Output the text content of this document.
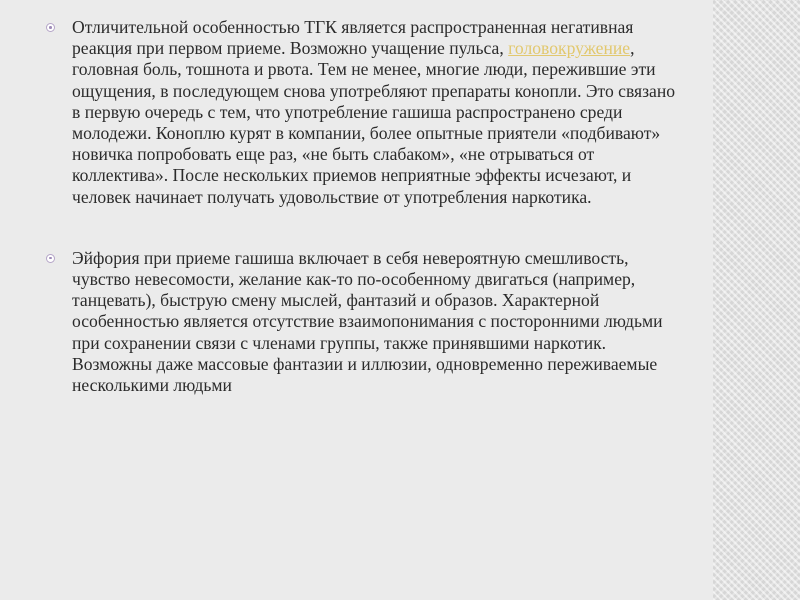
Отличительной особенностью ТГК является распространенная негативная реакция при первом приеме. Возможно учащение пульса, головокружение, головная боль, тошнота и рвота. Тем не менее, многие люди, пережившие эти ощущения, в последующем снова употребляют препараты конопли. Это связано в первую очередь с тем, что употребление гашиша распространено среди молодежи. Коноплю курят в компании, более опытные приятели «подбивают» новичка попробовать еще раз, «не быть слабаком», «не отрываться от коллектива». После нескольких приемов неприятные эффекты исчезают, и человек начинает получать удовольствие от употребления наркотика.
Эйфория при приеме гашиша включает в себя невероятную смешливость, чувство невесомости, желание как-то по-особенному двигаться (например, танцевать), быструю смену мыслей, фантазий и образов. Характерной особенностью является отсутствие взаимопонимания с посторонними людьми при сохранении связи с членами группы, также принявшими наркотик. Возможны даже массовые фантазии и иллюзии, одновременно переживаемые несколькими людьми
